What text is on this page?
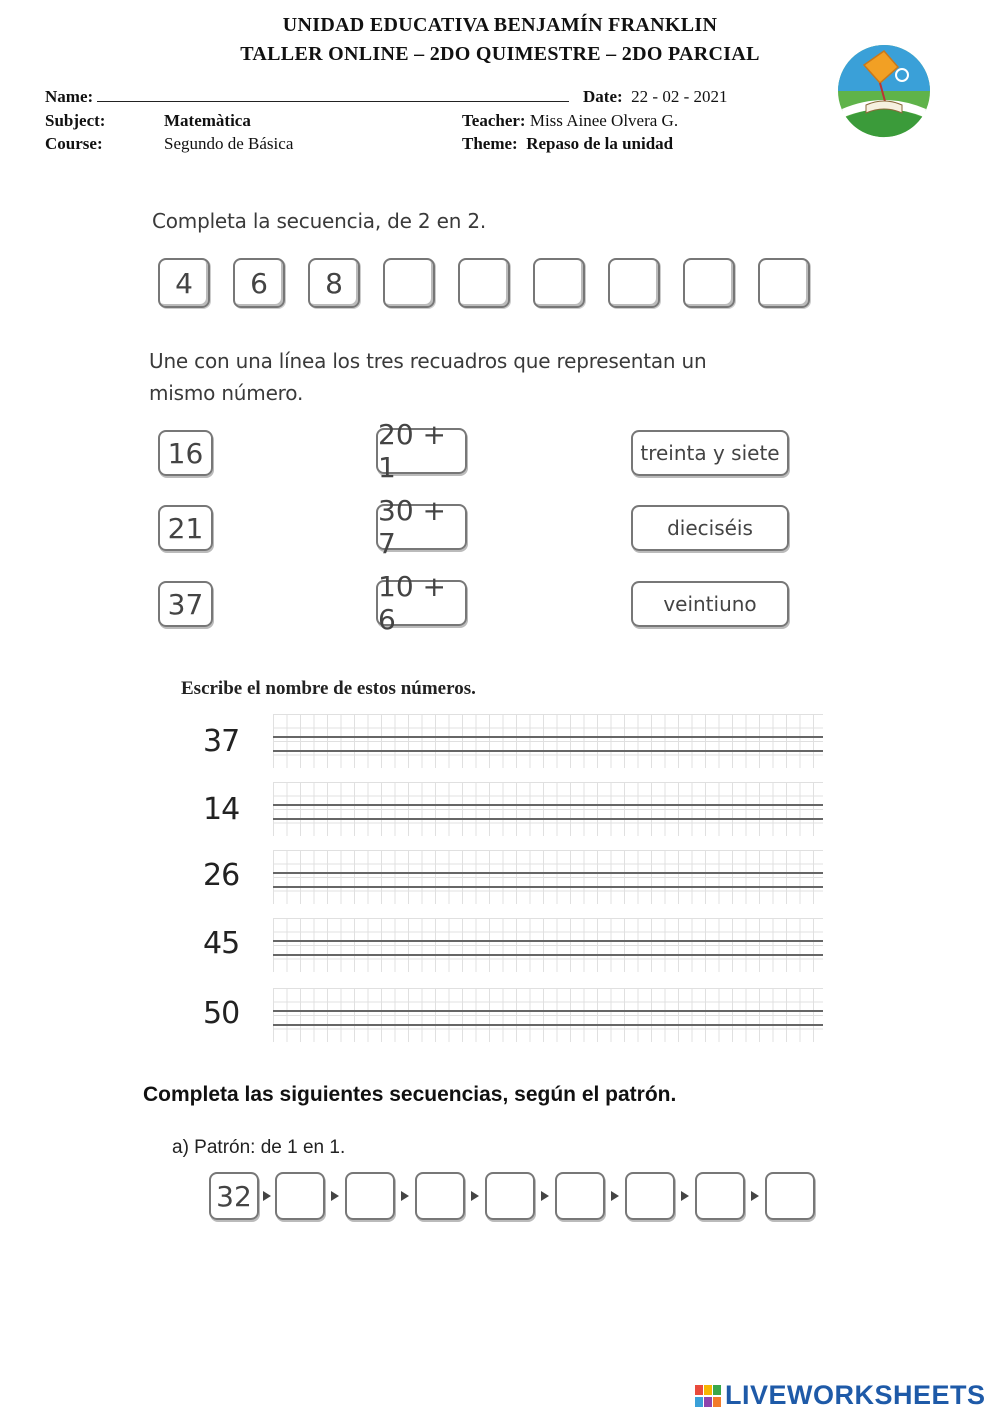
UNIDAD EDUCATIVA BENJAMÍN FRANKLIN
TALLER ONLINE – 2DO QUIMESTRE – 2DO PARCIAL
Name:	Date: 22 - 02 - 2021
Subject:	Matemàtica	Teacher: Miss Ainee Olvera G.
Course:	Segundo de Básica	Theme: Repaso de la unidad
Completa la secuencia, de 2 en 2.
4	6	8
Une con una línea los tres recuadros que representan un
mismo número.
16
21
37
20 + 1
30 + 7
10 + 6
treinta y siete
dieciséis
veintiuno
Escribe el nombre de estos números.
37
14
26
45
50
Completa las siguientes secuencias, según el patrón.
a) Patrón: de 1 en 1.
32
LIVEWORKSHEETS
